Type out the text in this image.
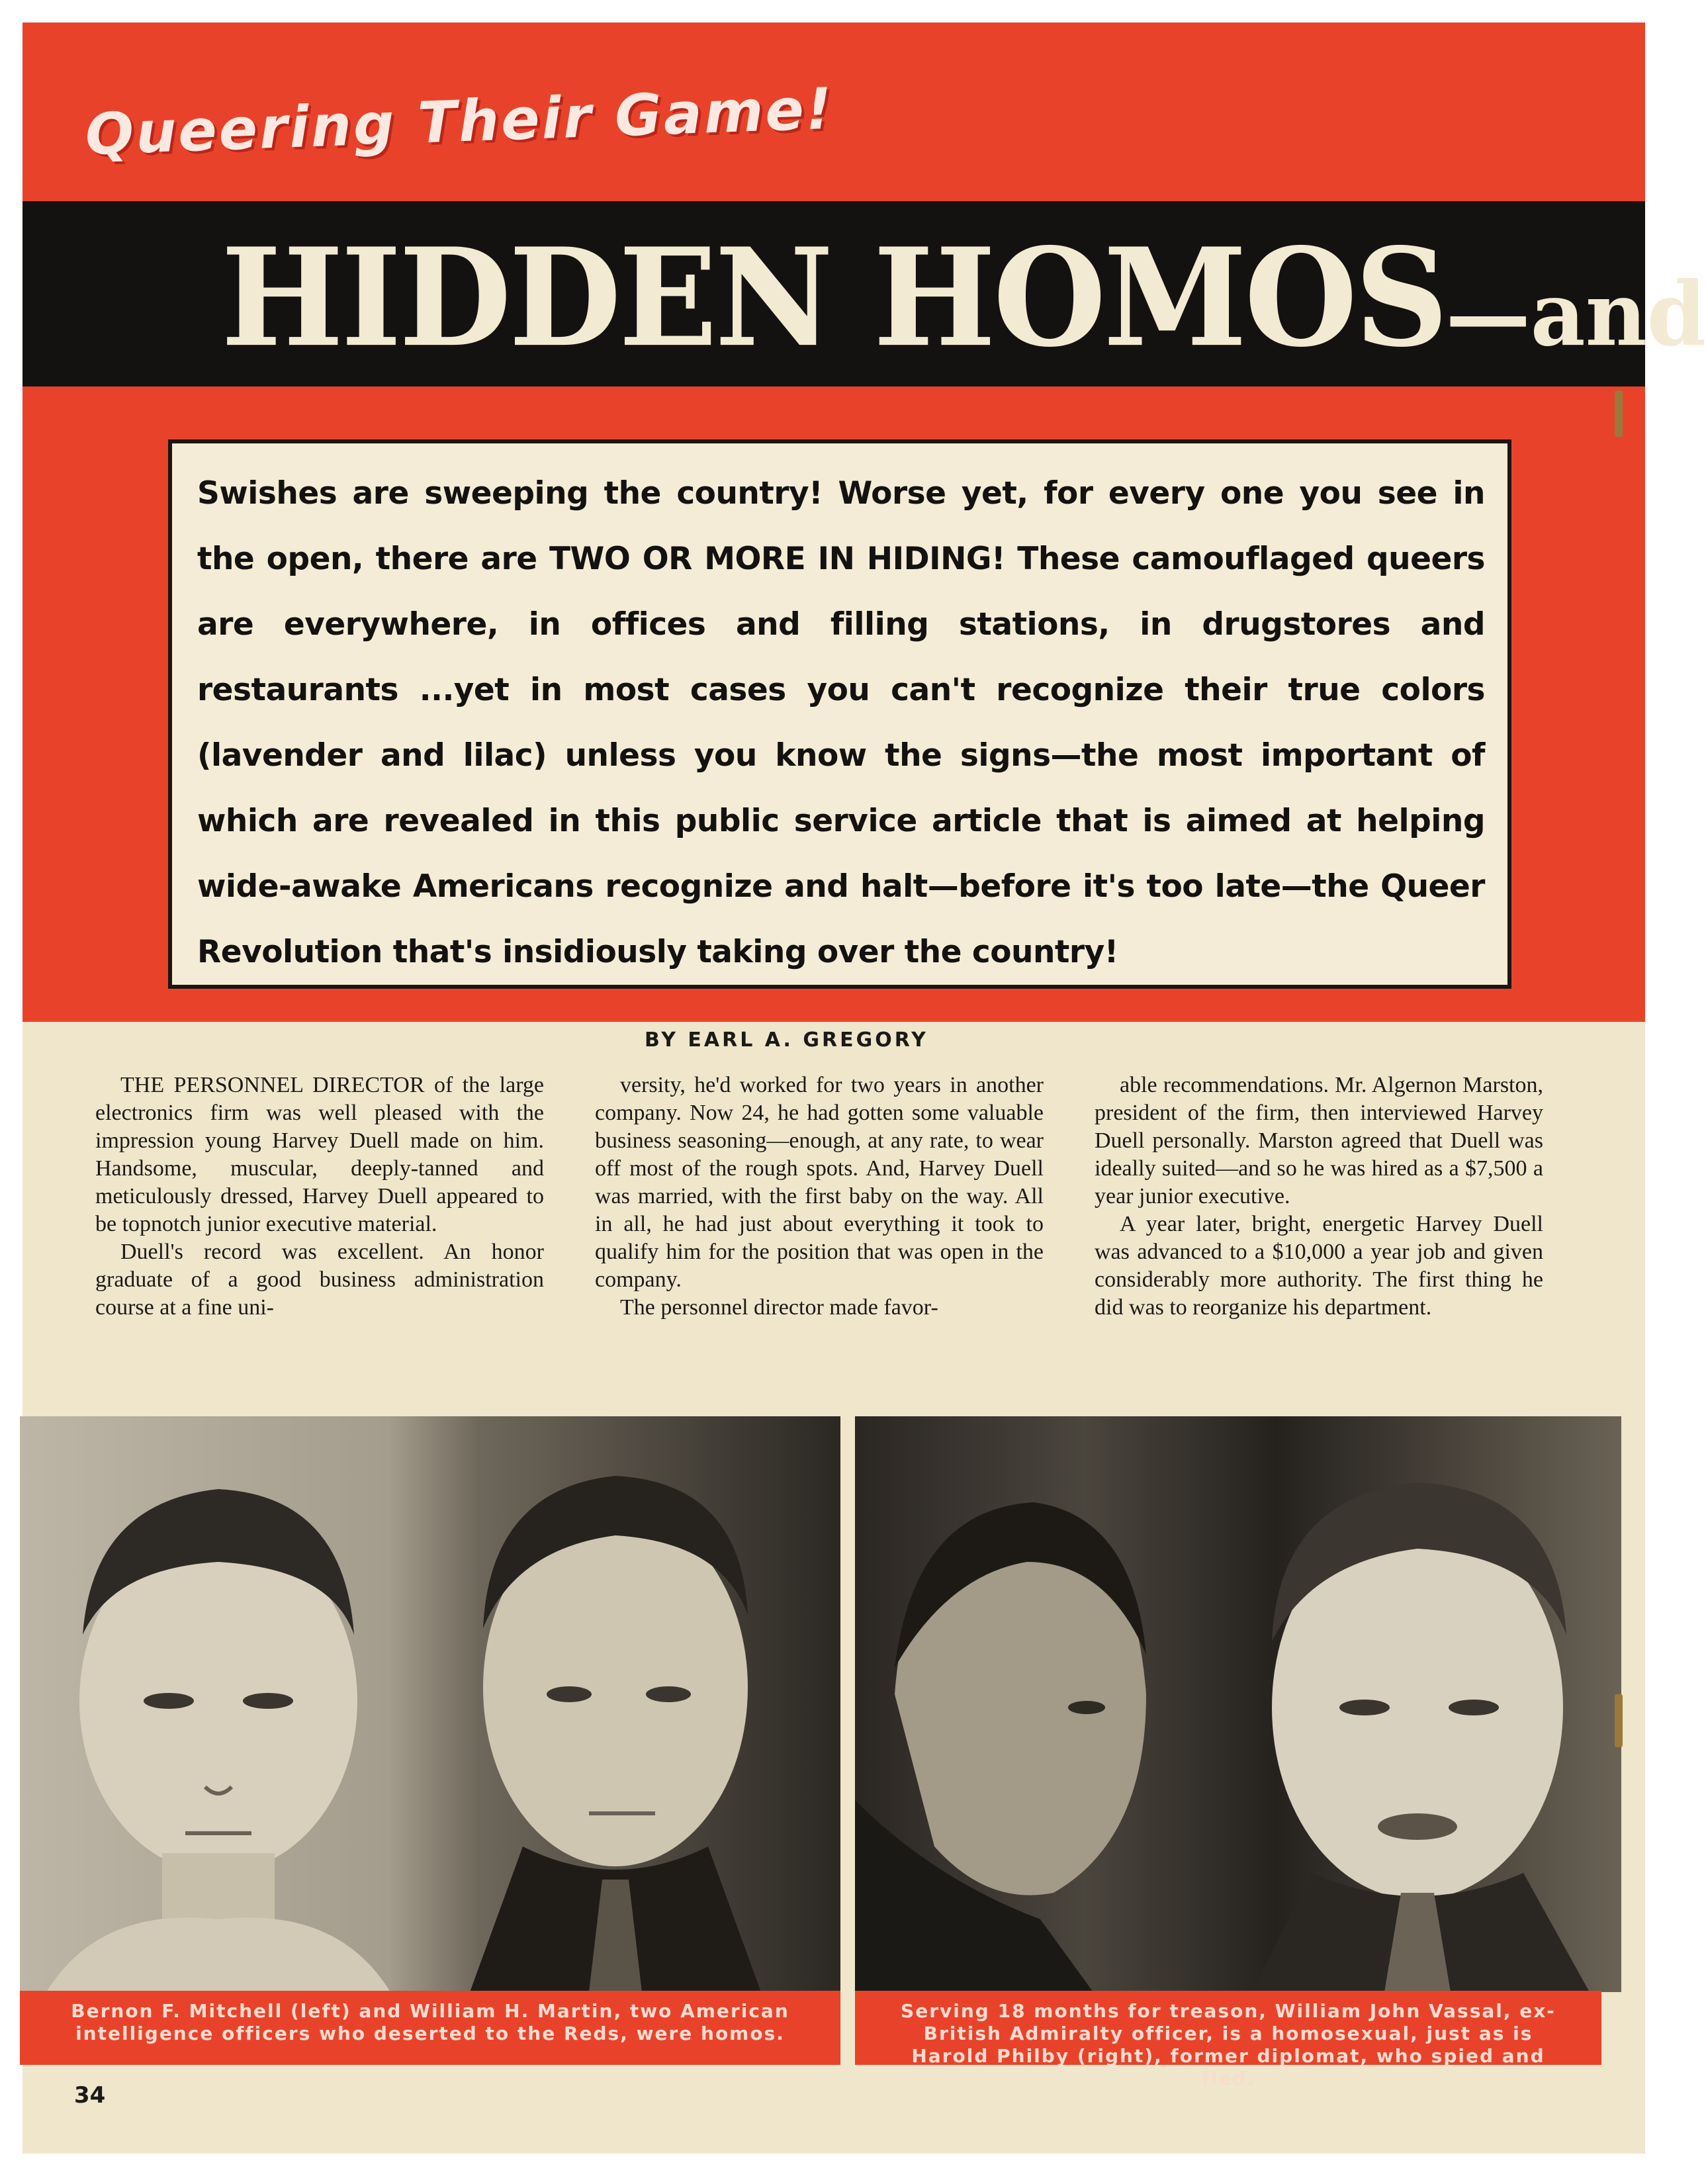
Queering Their Game!
HIDDEN HOMOS—and
Swishes are sweeping the country! Worse yet, for every one you see in the open, there are TWO OR MORE IN HIDING! These camouflaged queers are everywhere, in offices and filling stations, in drugstores and restaurants ...yet in most cases you can't recognize their true colors (lavender and lilac) unless you know the signs—the most important of which are revealed in this public service article that is aimed at helping wide-awake Americans recognize and halt—before it's too late—the Queer Revolution that's insidiously taking over the country!
BY EARL A. GREGORY

THE PERSONNEL DIRECTOR of the large electronics firm was well pleased with the impression young Harvey Duell made on him. Handsome, muscular, deeply-tanned and meticulously dressed, Harvey Duell appeared to be topnotch junior executive material.

Duell's record was excellent. An honor graduate of a good business administration course at a fine uni-

versity, he'd worked for two years in another company. Now 24, he had gotten some valuable business seasoning—enough, at any rate, to wear off most of the rough spots. And, Harvey Duell was married, with the first baby on the way. All in all, he had just about everything it took to qualify him for the position that was open in the company.

The personnel director made favor-

able recommendations. Mr. Algernon Marston, president of the firm, then interviewed Harvey Duell personally. Marston agreed that Duell was ideally suited—and so he was hired as a $7,500 a year junior executive.

A year later, bright, energetic Harvey Duell was advanced to a $10,000 a year job and given considerably more authority. The first thing he did was to reorganize his department.

Bernon F. Mitchell (left) and William H. Martin, two American intelligence officers who deserted to the Reds, were homos.
Serving 18 months for treason, William John Vassal, ex-British Admiralty officer, is a homosexual, just as is Harold Philby (right), former diplomat, who spied and fled.
34
